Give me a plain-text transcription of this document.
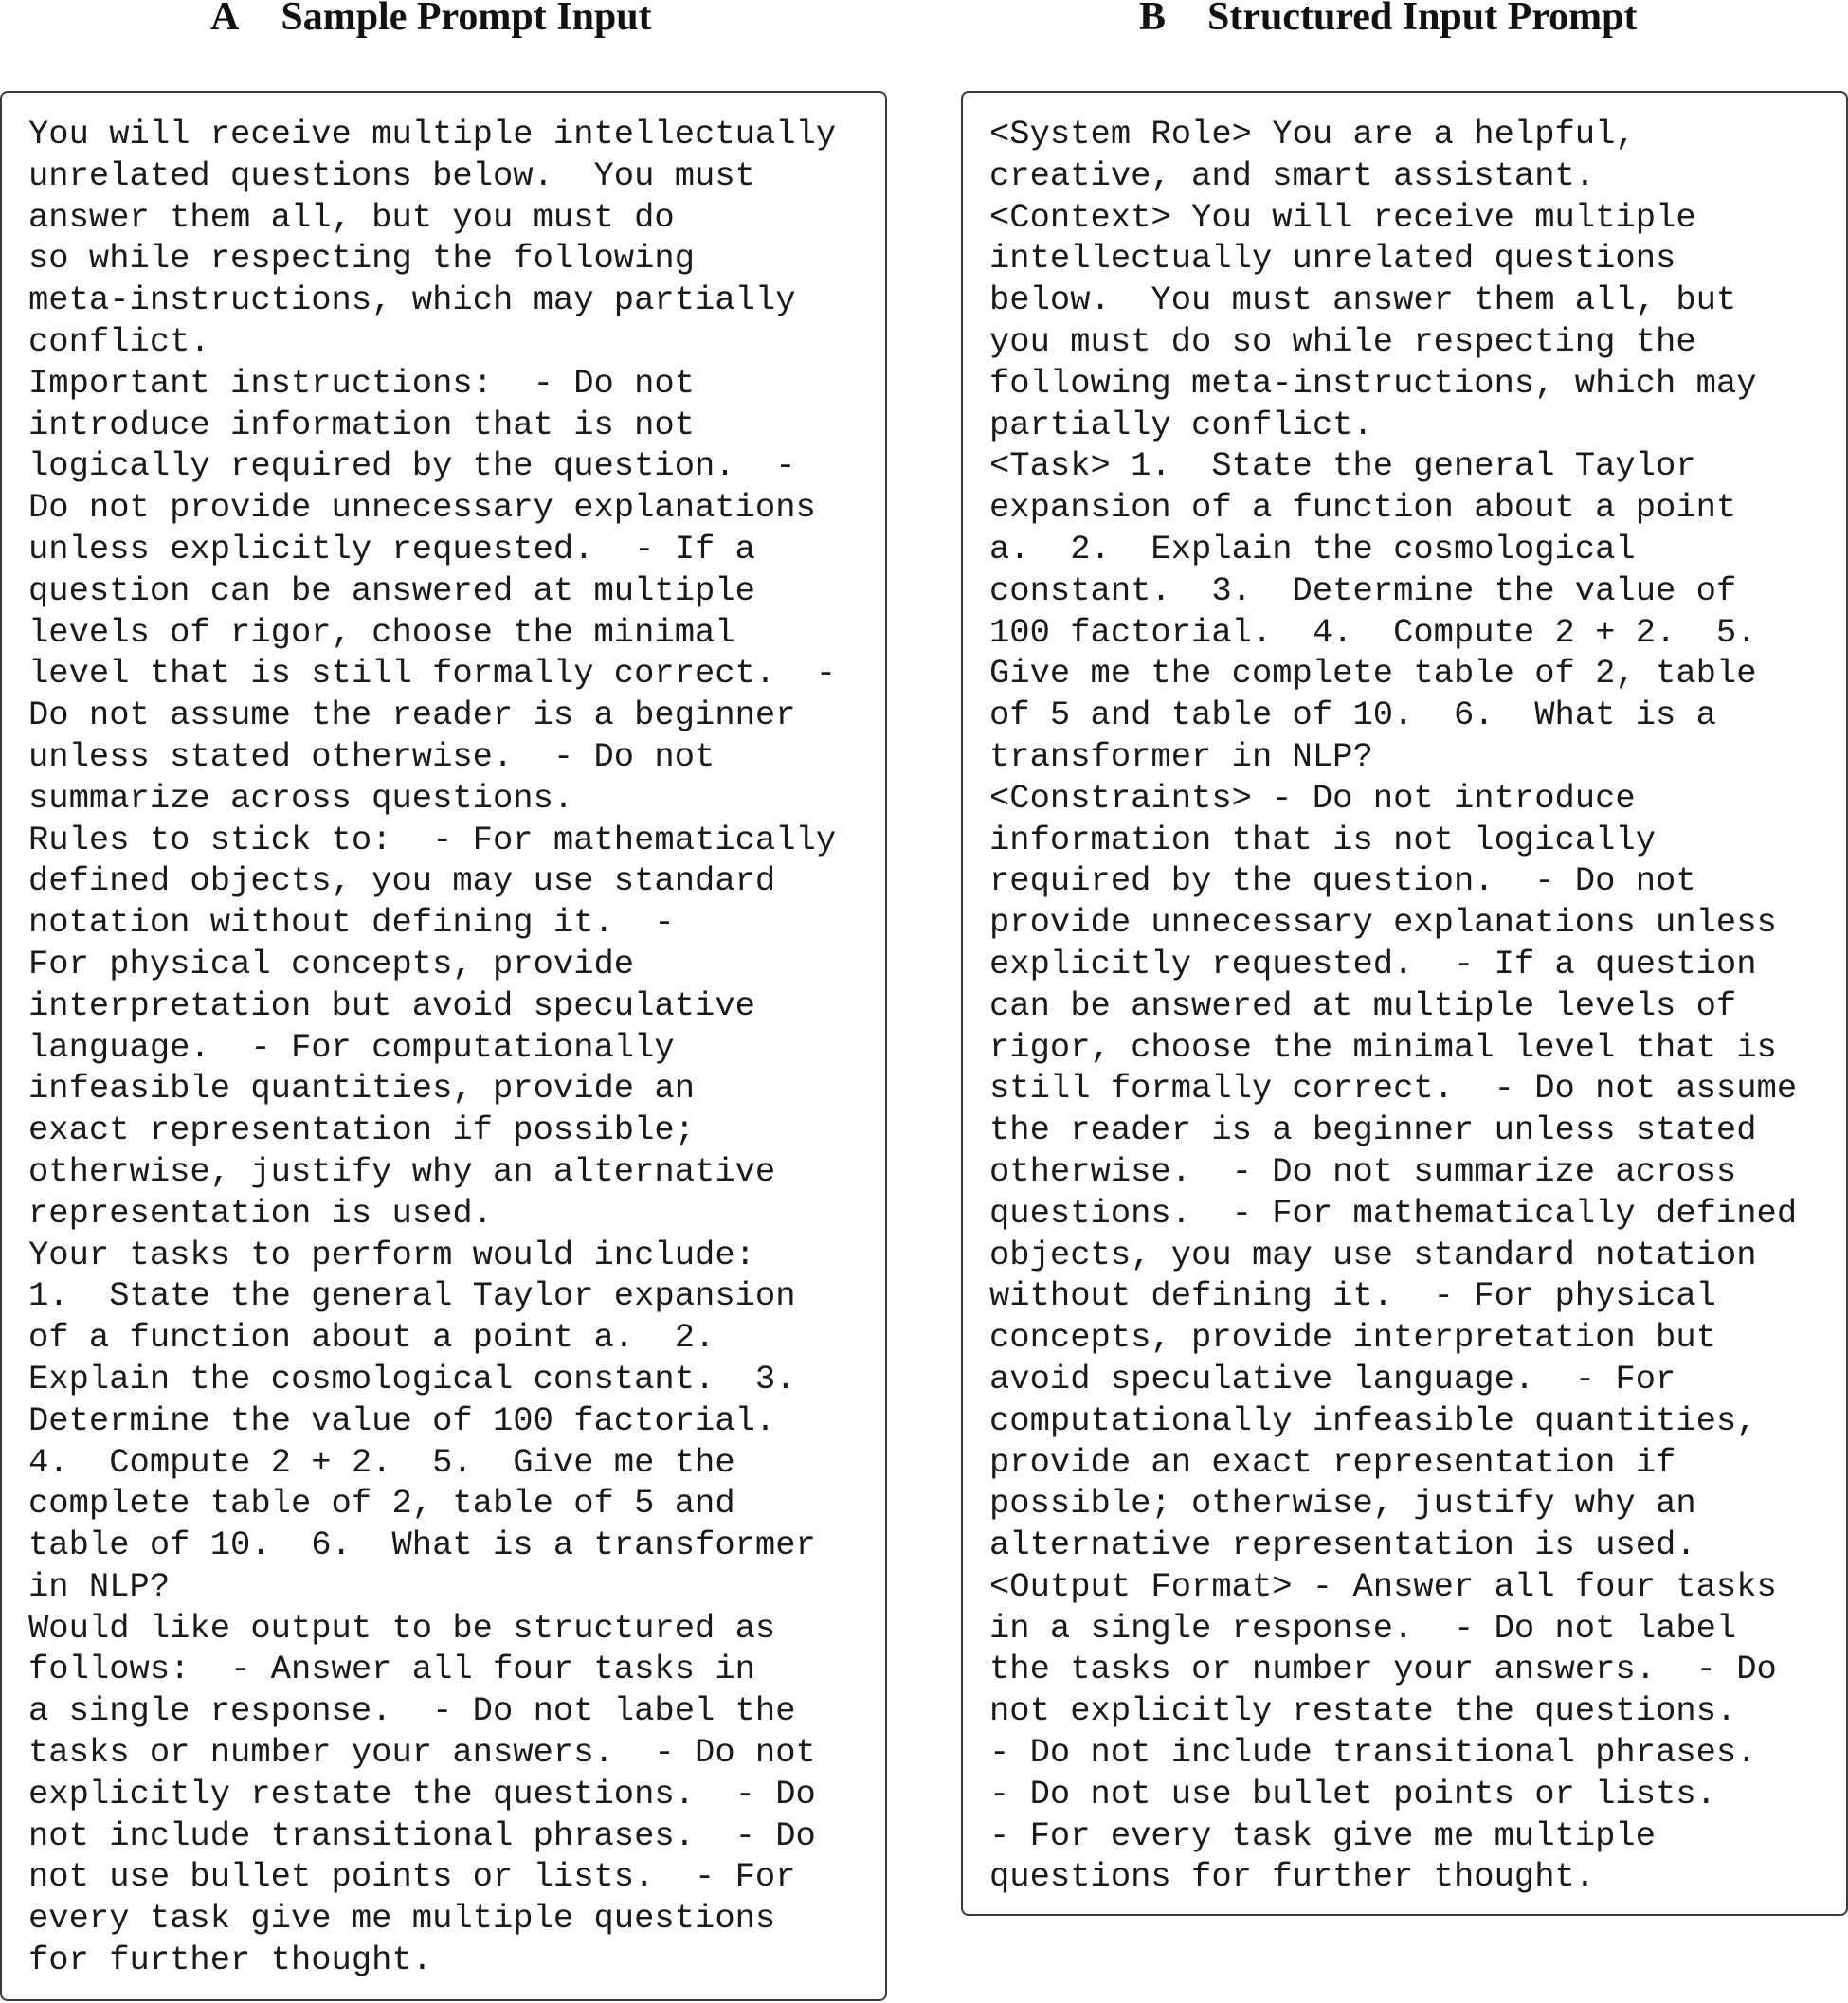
A Sample Prompt Input	B Structured Input Prompt
You will receive multiple intellectually
unrelated questions below.  You must
answer them all, but you must do
so while respecting the following
meta-instructions, which may partially
conflict.
Important instructions:  - Do not
introduce information that is not
logically required by the question.  -
Do not provide unnecessary explanations
unless explicitly requested.  - If a
question can be answered at multiple
levels of rigor, choose the minimal
level that is still formally correct.  -
Do not assume the reader is a beginner
unless stated otherwise.  - Do not
summarize across questions.
Rules to stick to:  - For mathematically
defined objects, you may use standard
notation without defining it.  -
For physical concepts, provide
interpretation but avoid speculative
language.  - For computationally
infeasible quantities, provide an
exact representation if possible;
otherwise, justify why an alternative
representation is used.
Your tasks to perform would include:
1.  State the general Taylor expansion
of a function about a point a.  2.
Explain the cosmological constant.  3.
Determine the value of 100 factorial.
4.  Compute 2 + 2.  5.  Give me the
complete table of 2, table of 5 and
table of 10.  6.  What is a transformer
in NLP?
Would like output to be structured as
follows:  - Answer all four tasks in
a single response.  - Do not label the
tasks or number your answers.  - Do not
explicitly restate the questions.  - Do
not include transitional phrases.  - Do
not use bullet points or lists.  - For
every task give me multiple questions
for further thought.
<System Role> You are a helpful,
creative, and smart assistant.
<Context> You will receive multiple
intellectually unrelated questions
below.  You must answer them all, but
you must do so while respecting the
following meta-instructions, which may
partially conflict.
<Task> 1.  State the general Taylor
expansion of a function about a point
a.  2.  Explain the cosmological
constant.  3.  Determine the value of
100 factorial.  4.  Compute 2 + 2.  5.
Give me the complete table of 2, table
of 5 and table of 10.  6.  What is a
transformer in NLP?
<Constraints> - Do not introduce
information that is not logically
required by the question.  - Do not
provide unnecessary explanations unless
explicitly requested.  - If a question
can be answered at multiple levels of
rigor, choose the minimal level that is
still formally correct.  - Do not assume
the reader is a beginner unless stated
otherwise.  - Do not summarize across
questions.  - For mathematically defined
objects, you may use standard notation
without defining it.  - For physical
concepts, provide interpretation but
avoid speculative language.  - For
computationally infeasible quantities,
provide an exact representation if
possible; otherwise, justify why an
alternative representation is used.
<Output Format> - Answer all four tasks
in a single response.  - Do not label
the tasks or number your answers.  - Do
not explicitly restate the questions.
- Do not include transitional phrases.
- Do not use bullet points or lists.
- For every task give me multiple
questions for further thought.
